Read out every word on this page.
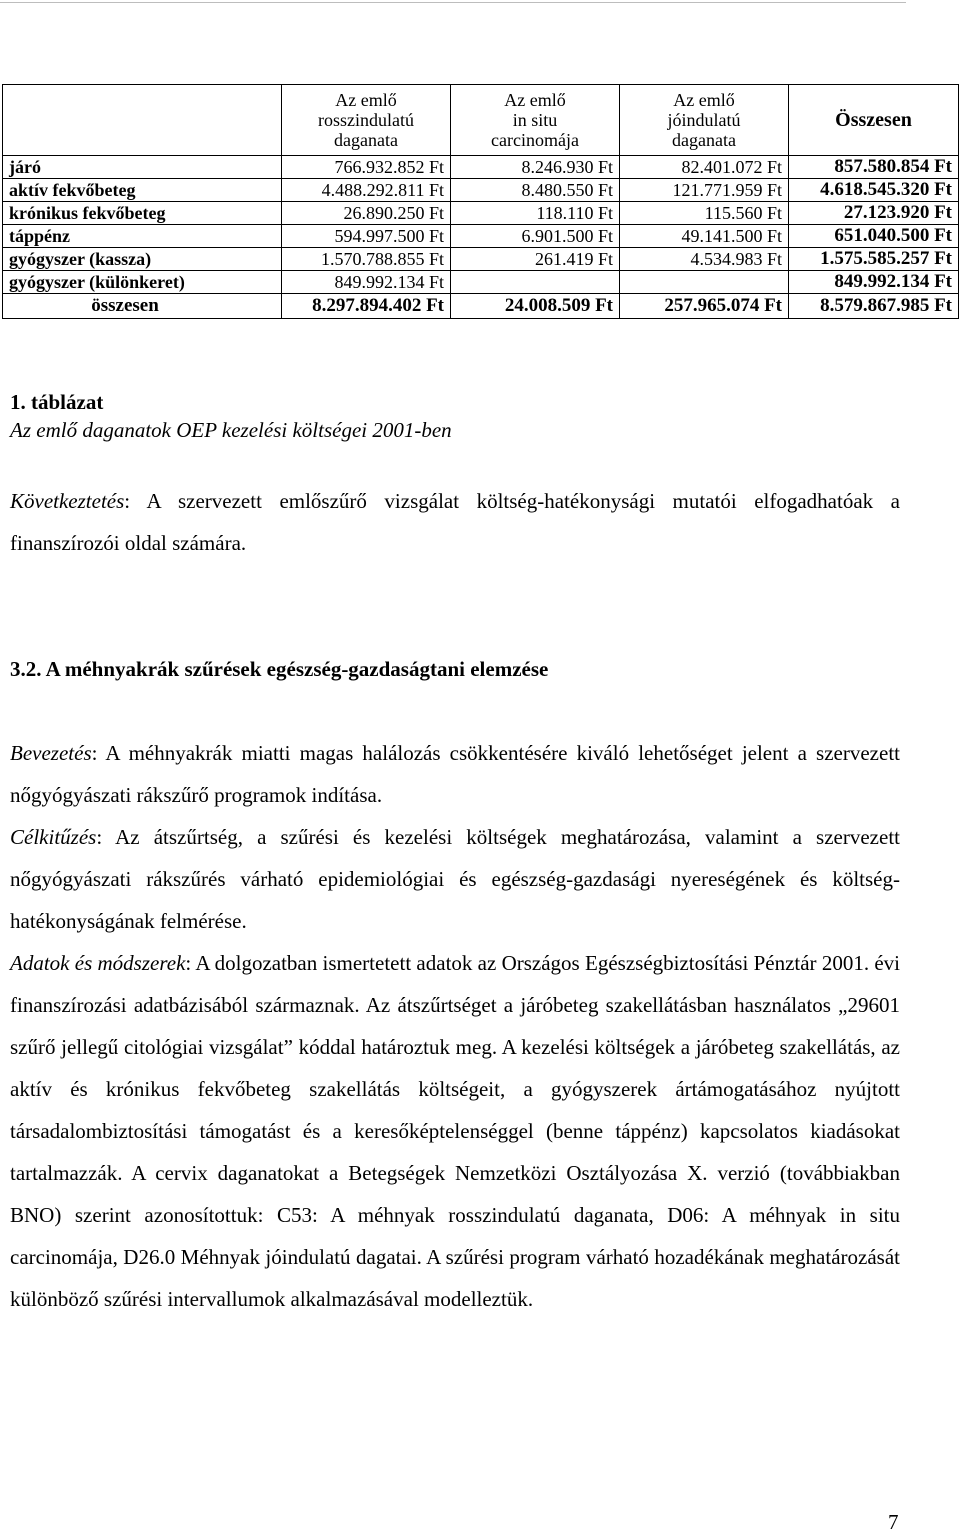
	Az emlő
rosszindulatú
daganata	Az emlő
in situ
carcinomája	Az emlő
jóindulatú
daganata	Összesen
járó	766.932.852 Ft	8.246.930 Ft	82.401.072 Ft	857.580.854 Ft
aktív fekvőbeteg	4.488.292.811 Ft	8.480.550 Ft	121.771.959 Ft	4.618.545.320 Ft
krónikus fekvőbeteg	26.890.250 Ft	118.110 Ft	115.560 Ft	27.123.920 Ft
táppénz	594.997.500 Ft	6.901.500 Ft	49.141.500 Ft	651.040.500 Ft
gyógyszer (kassza)	1.570.788.855 Ft	261.419 Ft	4.534.983 Ft	1.575.585.257 Ft
gyógyszer (különkeret)	849.992.134 Ft			849.992.134 Ft
összesen	8.297.894.402 Ft	24.008.509 Ft	257.965.074 Ft	8.579.867.985 Ft
1. táblázat
Az emlő daganatok OEP kezelési költségei 2001-ben
Következtetés: A szervezett emlőszűrő vizsgálat költség-hatékonysági mutatói elfogadhatóak a finanszírozói oldal számára.
3.2. A méhnyakrák szűrések egészség-gazdaságtani elemzése
Bevezetés: A méhnyakrák miatti magas halálozás csökkentésére kiváló lehetőséget jelent a szervezett nőgyógyászati rákszűrő programok indítása.
Célkitűzés: Az átszűrtség, a szűrési és kezelési költségek meghatározása, valamint a szervezett nőgyógyászati rákszűrés várható epidemiológiai és egészség-gazdasági nyereségének és költség-hatékonyságának felmérése.
Adatok és módszerek: A dolgozatban ismertetett adatok az Országos Egészségbiztosítási Pénztár 2001. évi finanszírozási adatbázisából származnak. Az átszűrtséget a járóbeteg szakellátásban használatos „29601 szűrő jellegű citológiai vizsgálat” kóddal határoztuk meg. A kezelési költségek a járóbeteg szakellátás, az aktív és krónikus fekvőbeteg szakellátás költségeit, a gyógyszerek ártámogatásához nyújtott társadalombiztosítási támogatást és a keresőképtelenséggel (benne táppénz) kapcsolatos kiadásokat tartalmazzák. A cervix daganatokat a Betegségek Nemzetközi Osztályozása X. verzió (továbbiakban BNO) szerint azonosítottuk: C53: A méhnyak rosszindulatú daganata, D06: A méhnyak in situ carcinomája, D26.0 Méhnyak jóindulatú dagatai. A szűrési program várható hozadékának meghatározását különböző szűrési intervallumok alkalmazásával modelleztük.
7
